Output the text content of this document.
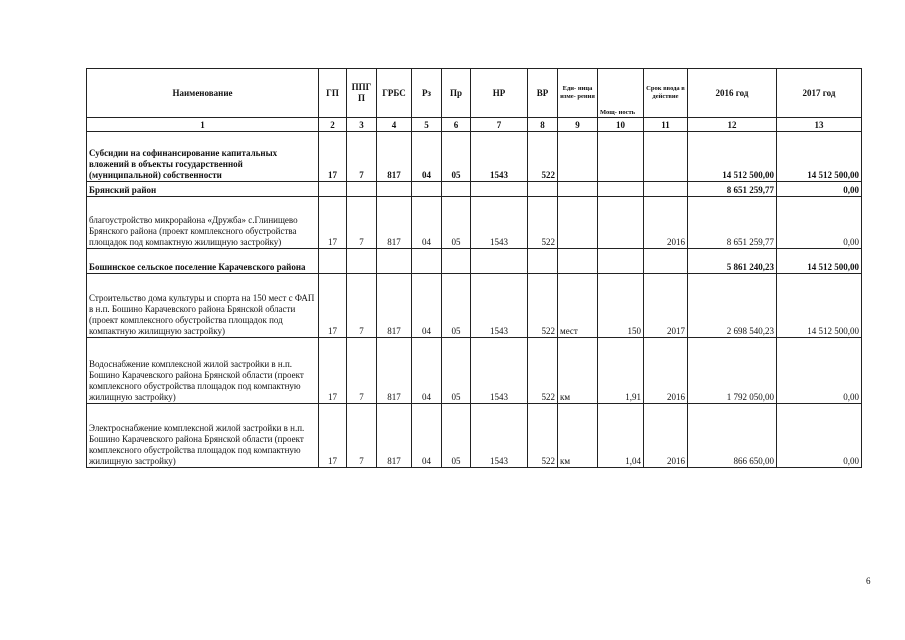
Наименование	ГП	ППГП	ГРБС	Рз	Пр	НР	ВР	Еди- ница изме- рения	Мощ- ность	Срок ввода в действие	2016 год	2017 год
1	2	3	4	5	6	7	8	9	10	11	12	13
Субсидии на софинансирование капитальных вложений в объекты государственной (муниципальной) собственности	17	7	817	04	05	1543	522				14 512 500,00	14 512 500,00
Брянский район											8 651 259,77	0,00
благоустройство микрорайона «Дружба» с.Глинищево Брянского района (проект комплексного обустройства площадок под компактную жилищную застройку)	17	7	817	04	05	1543	522			2016	8 651 259,77	0,00
Бошинское сельское поселение Карачевского района											5 861 240,23	14 512 500,00
Строительство дома культуры и спорта на 150 мест с ФАП в н.п. Бошино Карачевского района Брянской области (проект комплексного обустройства площадок под компактную жилищную застройку)	17	7	817	04	05	1543	522	мест	150	2017	2 698 540,23	14 512 500,00
Водоснабжение комплексной жилой застройки в н.п. Бошино Карачевского района Брянской области (проект комплексного обустройства площадок под компактную жилищную застройку)	17	7	817	04	05	1543	522	км	1,91	2016	1 792 050,00	0,00
Электроснабжение комплексной жилой застройки в н.п. Бошино Карачевского района Брянской области (проект комплексного обустройства площадок под компактную жилищную застройку)	17	7	817	04	05	1543	522	км	1,04	2016	866 650,00	0,00
6
